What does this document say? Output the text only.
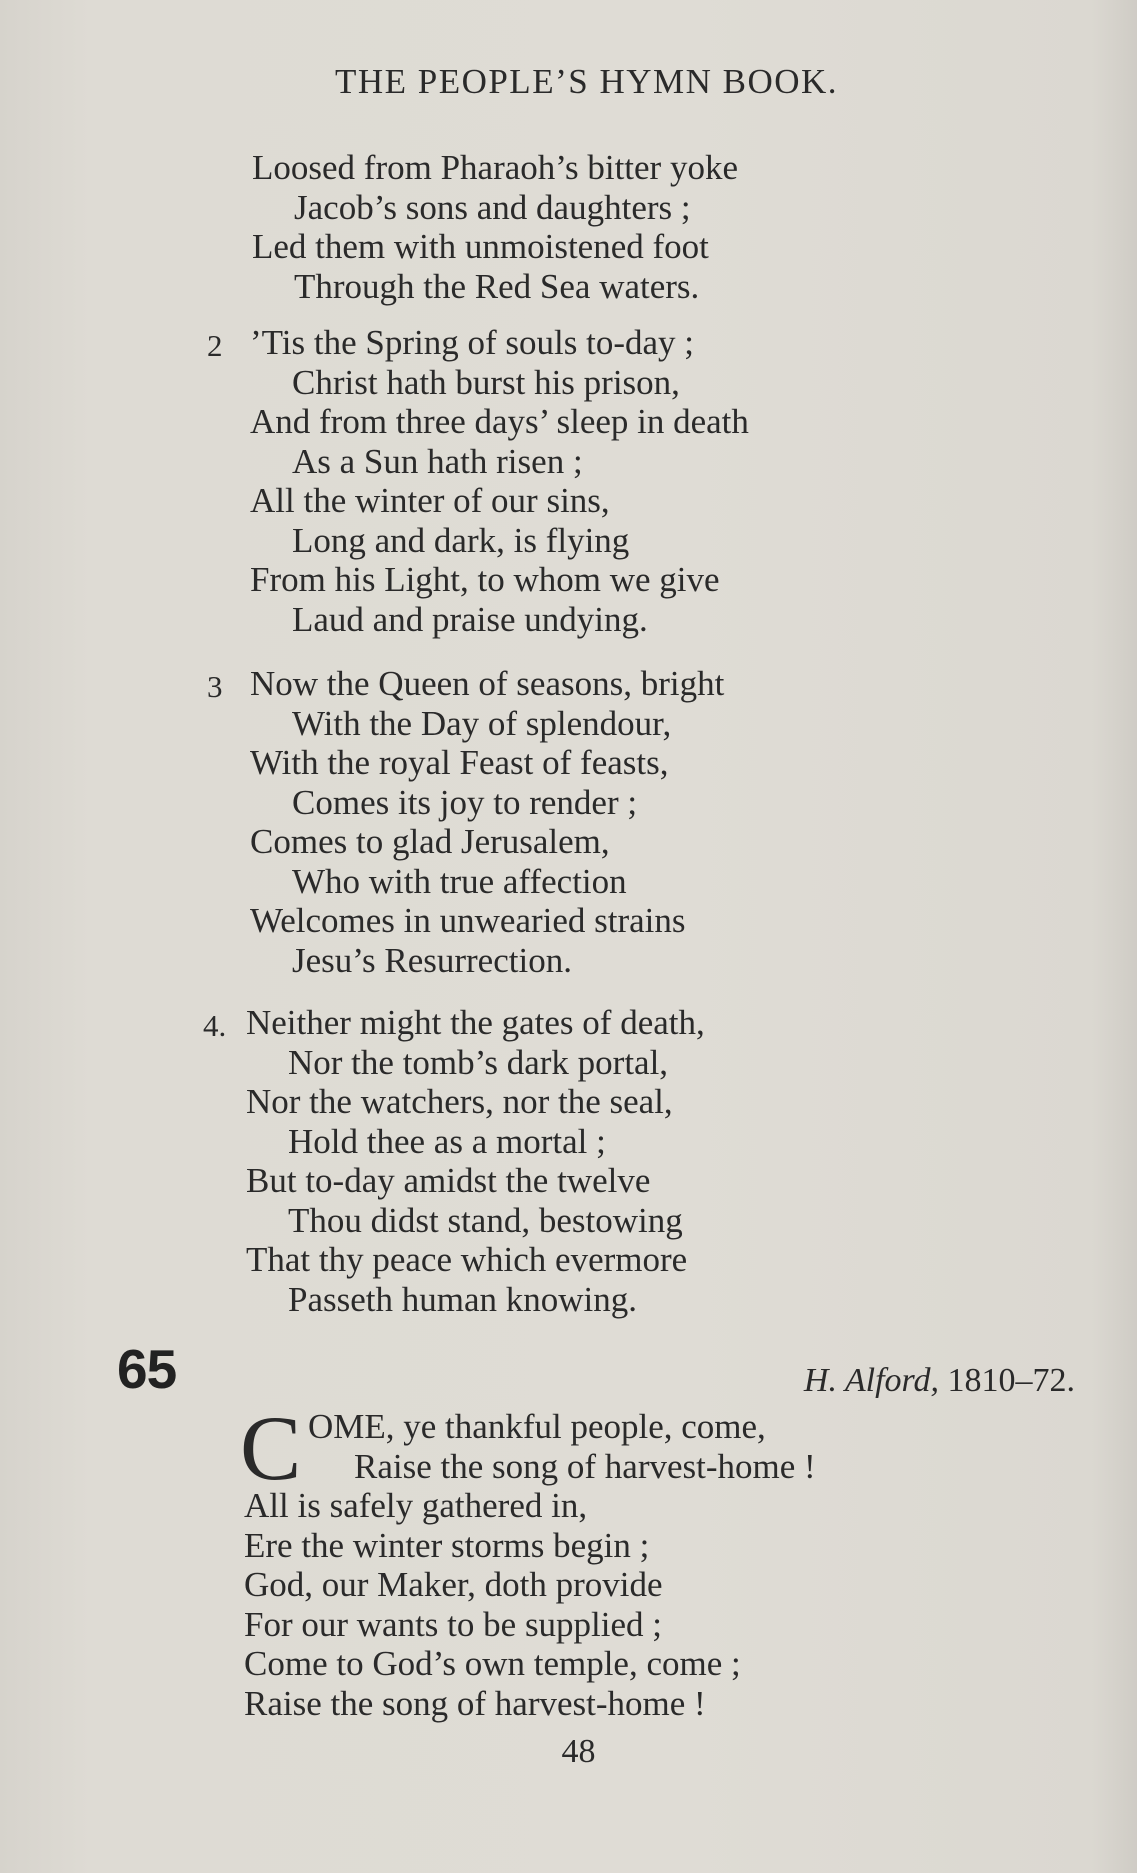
THE PEOPLE’S HYMN BOOK.
Loosed from Pharaoh’s bitter yoke
Jacob’s sons and daughters ;
Led them with unmoistened foot
Through the Red Sea waters.
2 ’Tis the Spring of souls to-day ;
Christ hath burst his prison,
And from three days’ sleep in death
As a Sun hath risen ;
All the winter of our sins,
Long and dark, is flying
From his Light, to whom we give
Laud and praise undying.
3 Now the Queen of seasons, bright
With the Day of splendour,
With the royal Feast of feasts,
Comes its joy to render ;
Comes to glad Jerusalem,
Who with true affection
Welcomes in unwearied strains
Jesu’s Resurrection.
4. Neither might the gates of death,
Nor the tomb’s dark portal,
Nor the watchers, nor the seal,
Hold thee as a mortal ;
But to-day amidst the twelve
Thou didst stand, bestowing
That thy peace which evermore
Passeth human knowing.
65	H. Alford, 1810–72.
C OME, ye thankful people, come,
Raise the song of harvest-home !
All is safely gathered in,
Ere the winter storms begin ;
God, our Maker, doth provide
For our wants to be supplied ;
Come to God’s own temple, come ;
Raise the song of harvest-home !
48
